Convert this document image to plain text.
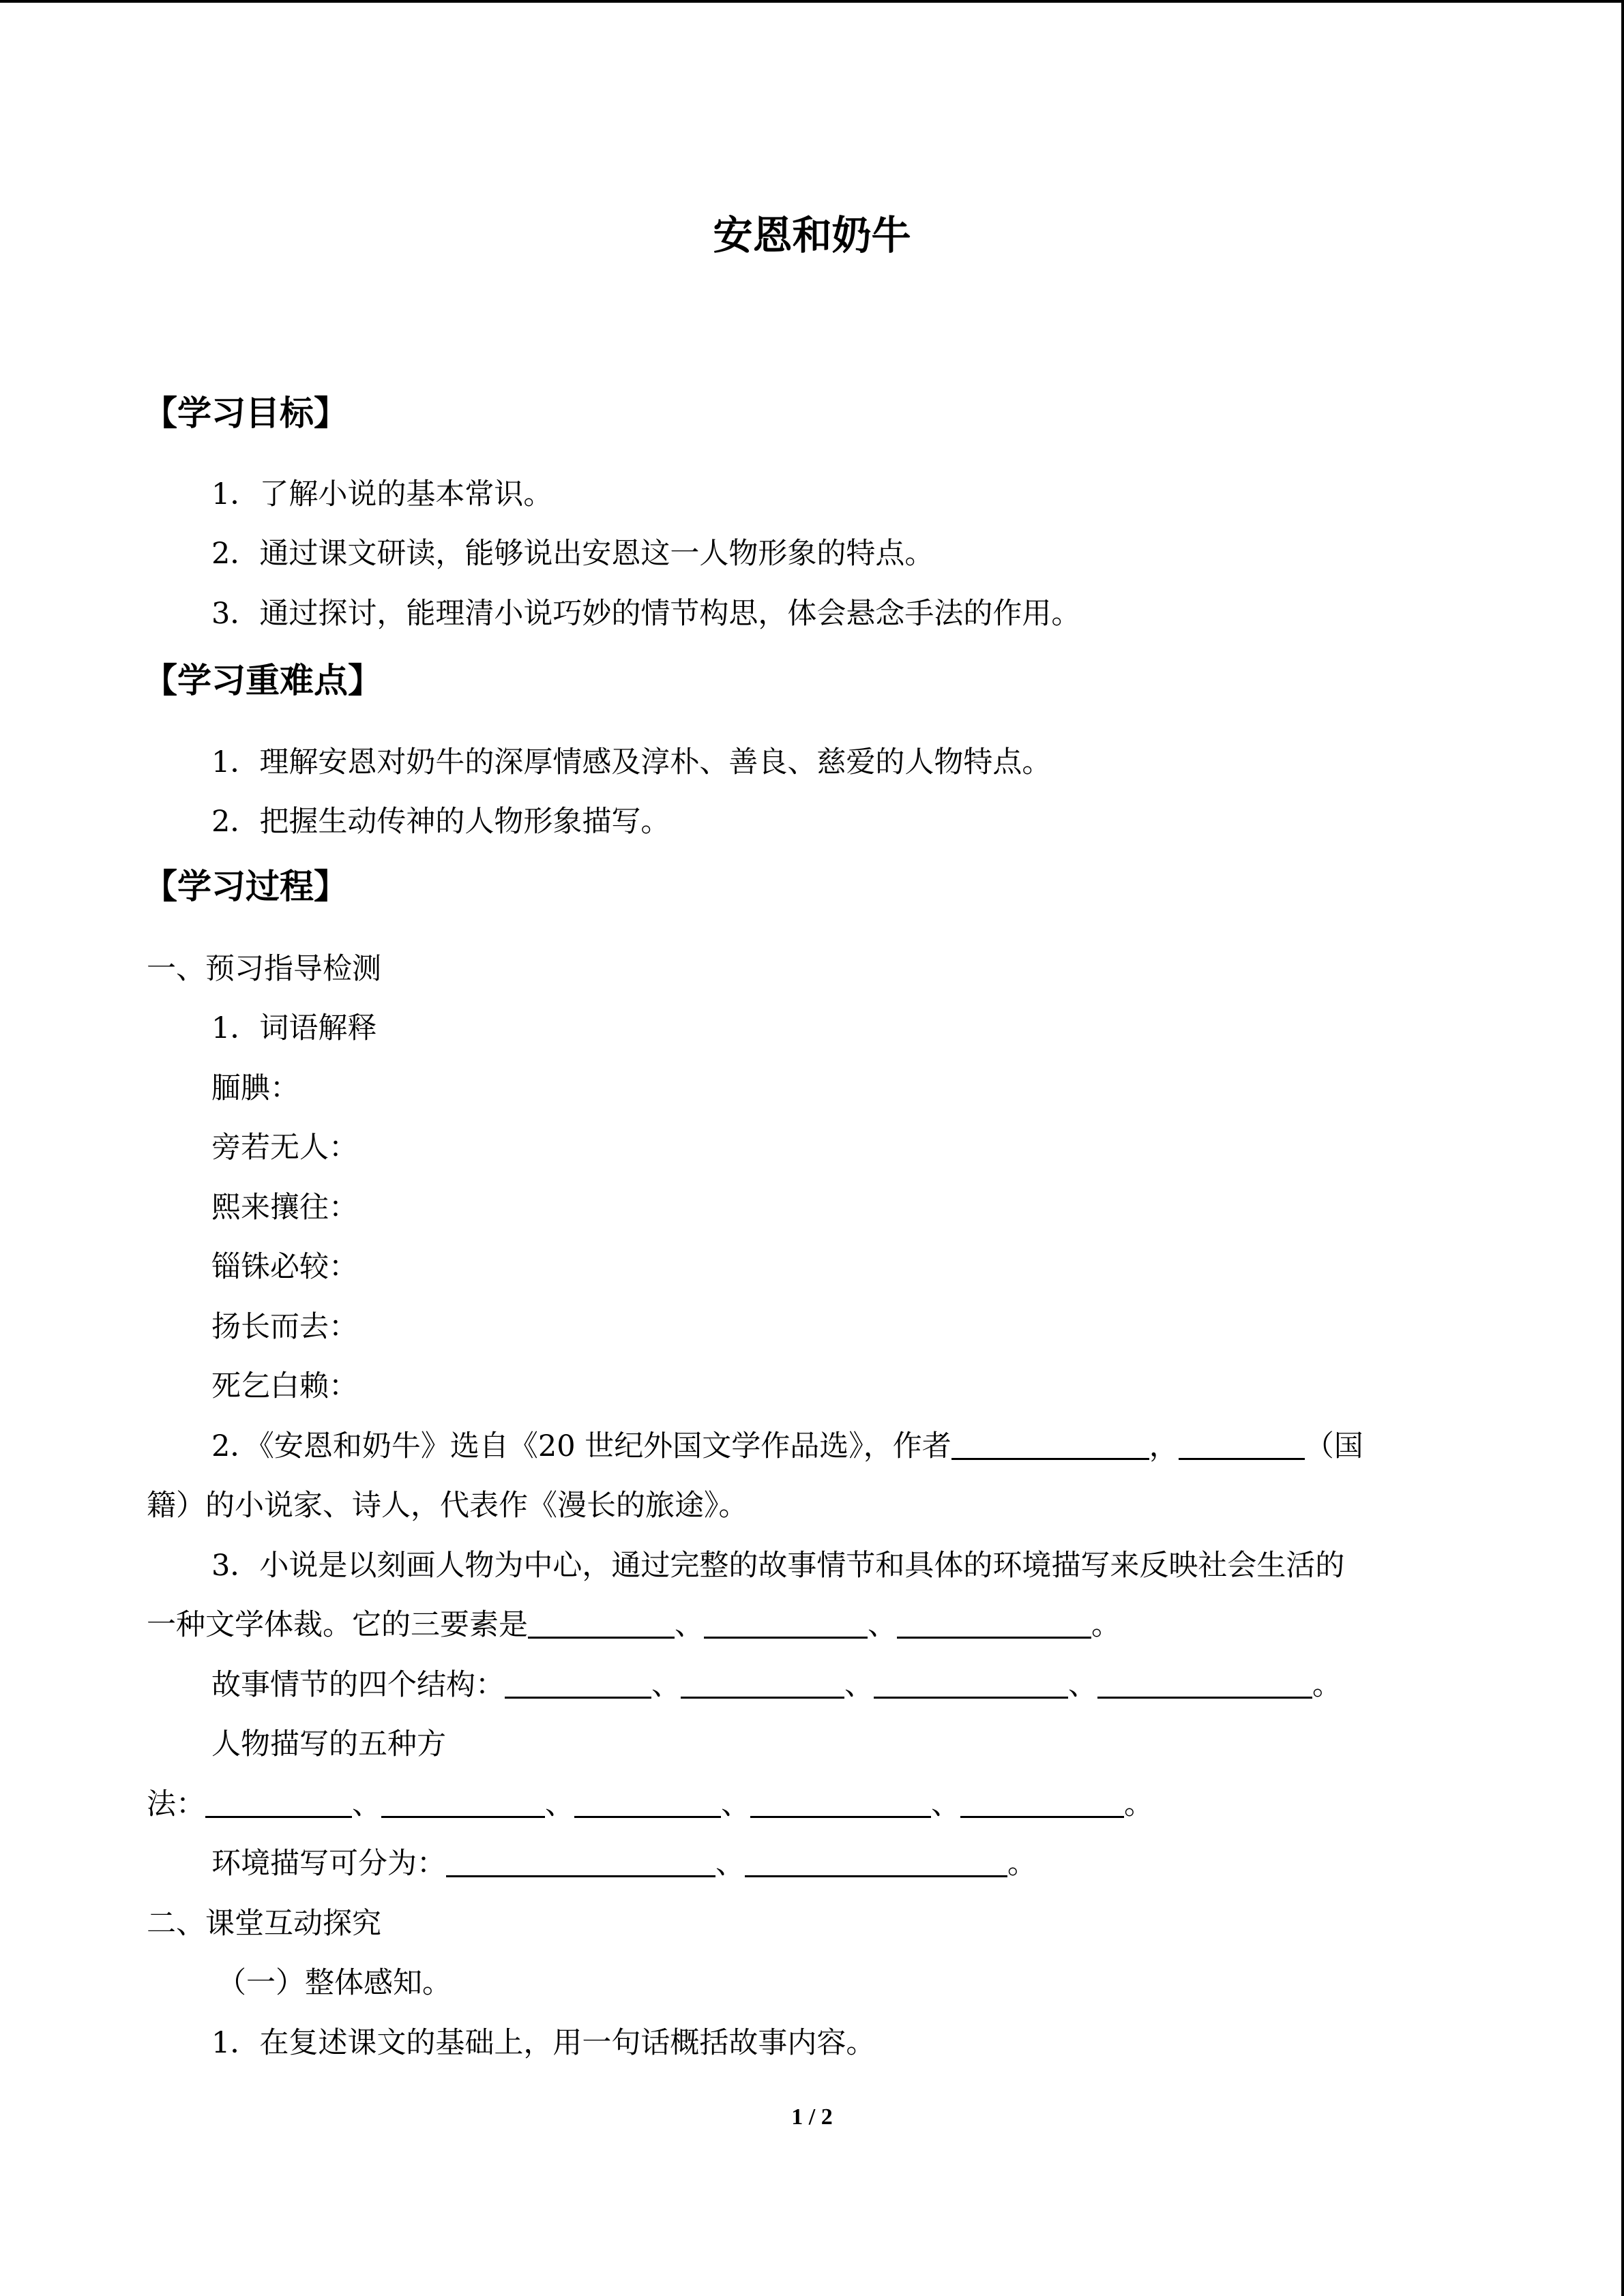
安恩和奶牛
【学习目标】
1．了解小说的基本常识。
2．通过课文研读，能够说出安恩这一人物形象的特点。
3．通过探讨，能理清小说巧妙的情节构思，体会悬念手法的作用。
【学习重难点】
1．理解安恩对奶牛的深厚情感及淳朴、善良、慈爱的人物特点。
2．把握生动传神的人物形象描写。
【学习过程】
一、预习指导检测
1．词语解释
腼腆：
旁若无人：
熙来攘往：
锱铢必较：
扬长而去：
死乞白赖：
2．《安恩和奶牛》选自《20 世纪外国文学作品选》，作者	，	（国
籍）的小说家、诗人，代表作《漫长的旅途》。
3．小说是以刻画人物为中心，通过完整的故事情节和具体的环境描写来反映社会生活的
一种文学体裁。它的三要素是	、	、	。
故事情节的四个结构：	、	、	、	。
人物描写的五种方
法：	、	、	、	、	。
环境描写可分为：	、	。
二、课堂互动探究
（一）整体感知。
1．在复述课文的基础上，用一句话概括故事内容。
1 / 2
